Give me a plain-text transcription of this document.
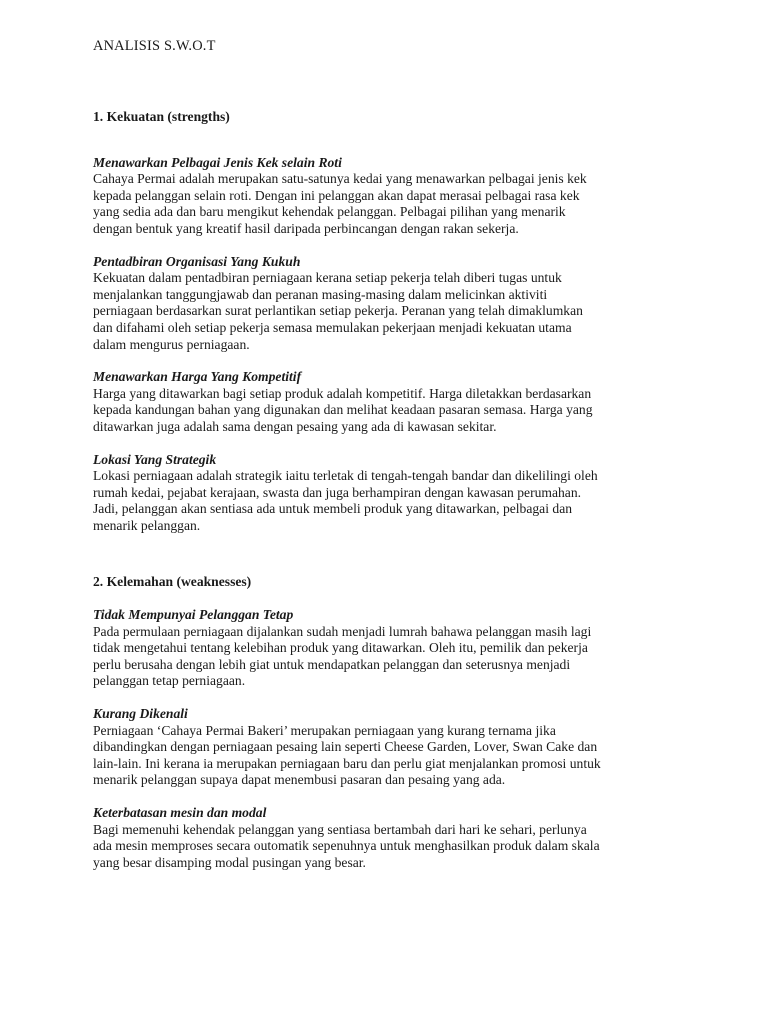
ANALISIS S.W.O.T

1. Kekuatan (strengths)

Menawarkan Pelbagai Jenis Kek selain Roti

Cahaya Permai adalah merupakan satu-satunya kedai yang menawarkan pelbagai jenis kek
kepada pelanggan selain roti. Dengan ini pelanggan akan dapat merasai pelbagai rasa kek
yang sedia ada dan baru mengikut kehendak pelanggan. Pelbagai pilihan yang menarik
dengan bentuk yang kreatif hasil daripada perbincangan dengan rakan sekerja.

Pentadbiran Organisasi Yang Kukuh

Kekuatan dalam pentadbiran perniagaan kerana setiap pekerja telah diberi tugas untuk
menjalankan tanggungjawab dan peranan masing-masing dalam melicinkan aktiviti
perniagaan berdasarkan surat perlantikan setiap pekerja. Peranan yang telah dimaklumkan
dan difahami oleh setiap pekerja semasa memulakan pekerjaan menjadi kekuatan utama
dalam mengurus perniagaan.

Menawarkan Harga Yang Kompetitif

Harga yang ditawarkan bagi setiap produk adalah kompetitif. Harga diletakkan berdasarkan
kepada kandungan bahan yang digunakan dan melihat keadaan pasaran semasa. Harga yang
ditawarkan juga adalah sama dengan pesaing yang ada di kawasan sekitar.

Lokasi Yang Strategik

Lokasi perniagaan adalah strategik iaitu terletak di tengah-tengah bandar dan dikelilingi oleh
rumah kedai, pejabat kerajaan, swasta dan juga berhampiran dengan kawasan perumahan.
Jadi, pelanggan akan sentiasa ada untuk membeli produk yang ditawarkan, pelbagai dan
menarik pelanggan.

2. Kelemahan (weaknesses)

Tidak Mempunyai Pelanggan Tetap

Pada permulaan perniagaan dijalankan sudah menjadi lumrah bahawa pelanggan masih lagi
tidak mengetahui tentang kelebihan produk yang ditawarkan. Oleh itu, pemilik dan pekerja
perlu berusaha dengan lebih giat untuk mendapatkan pelanggan dan seterusnya menjadi
pelanggan tetap perniagaan.

Kurang Dikenali

Perniagaan ‘Cahaya Permai Bakeri’ merupakan perniagaan yang kurang ternama jika
dibandingkan dengan perniagaan pesaing lain seperti Cheese Garden, Lover, Swan Cake dan
lain-lain. Ini kerana ia merupakan perniagaan baru dan perlu giat menjalankan promosi untuk
menarik pelanggan supaya dapat menembusi pasaran dan pesaing yang ada.

Keterbatasan mesin dan modal

Bagi memenuhi kehendak pelanggan yang sentiasa bertambah dari hari ke sehari, perlunya
ada mesin memproses secara outomatik sepenuhnya untuk menghasilkan produk dalam skala
yang besar disamping modal pusingan yang besar.
